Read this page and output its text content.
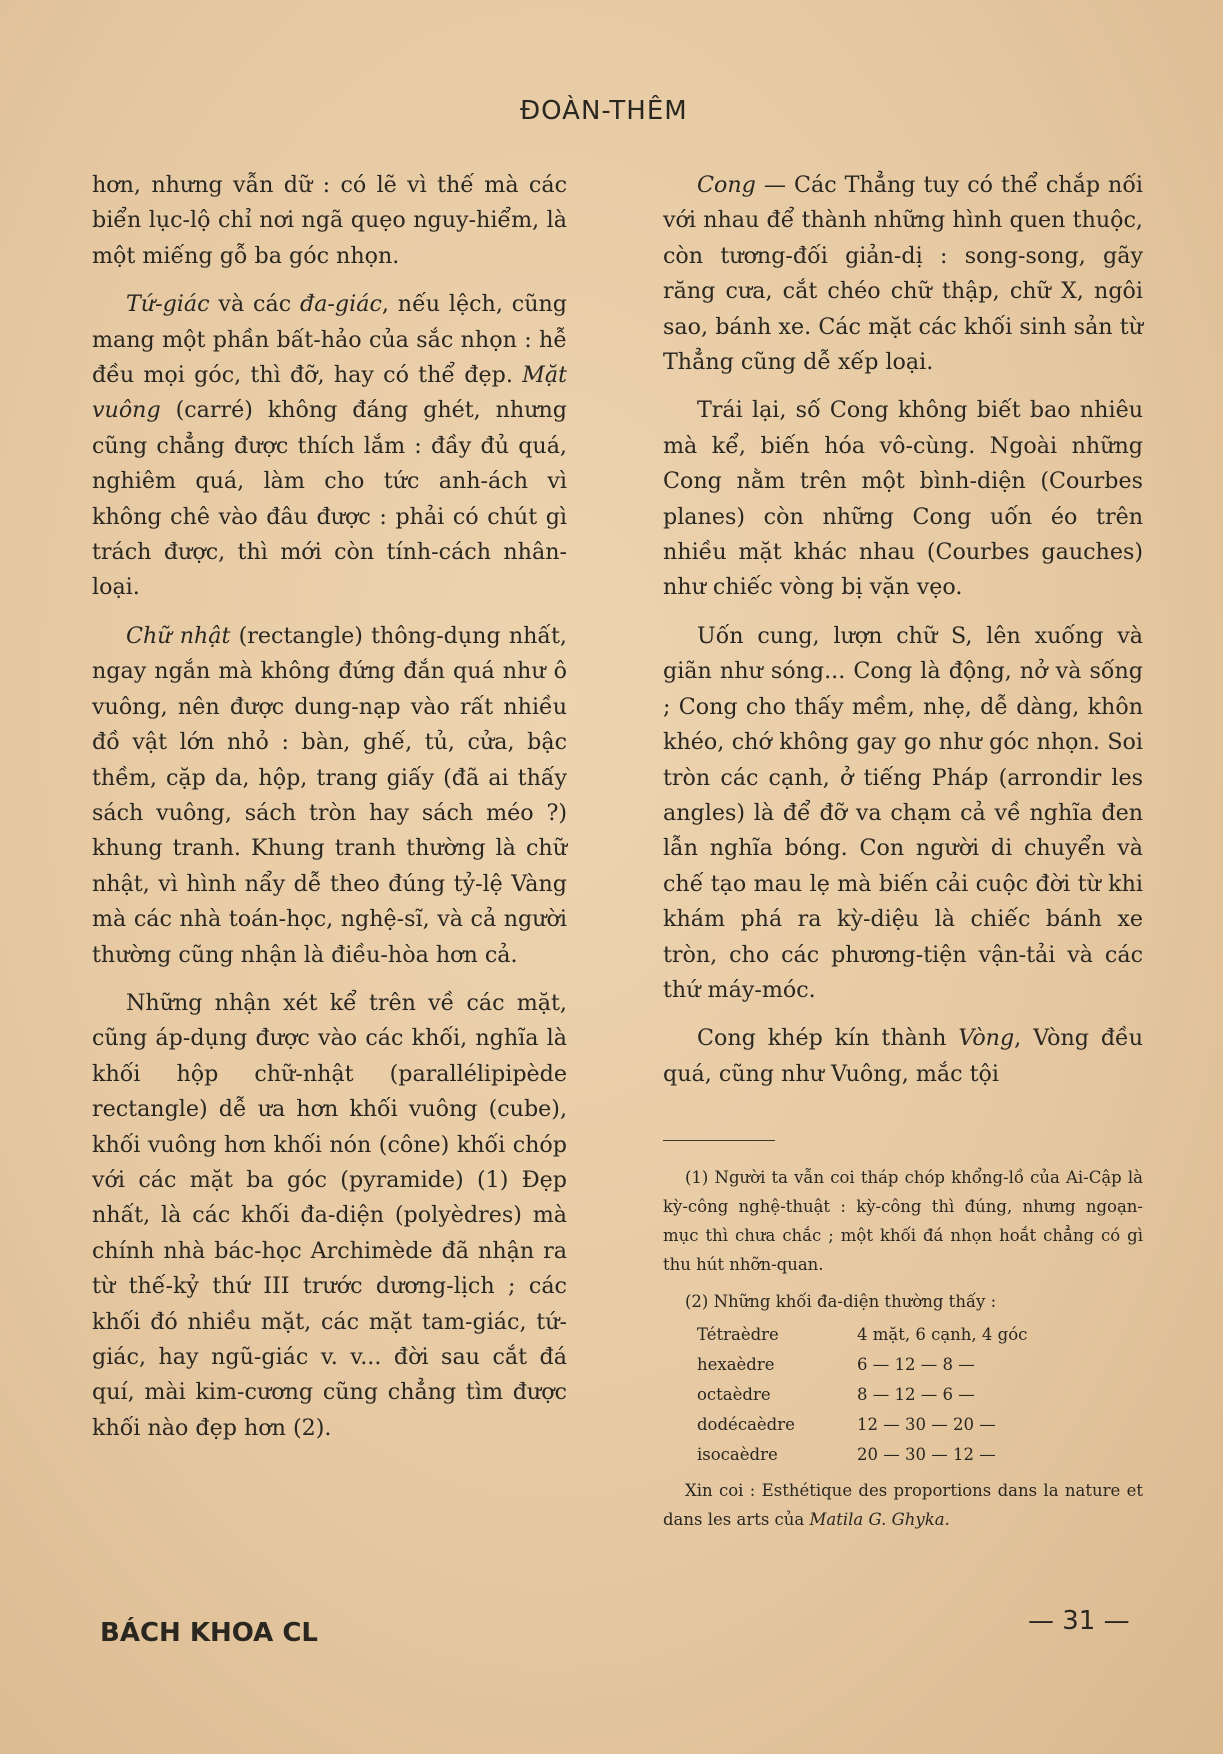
ĐOÀN-THÊM

hơn, nhưng vẫn dữ : có lẽ vì thế mà các biển lục-lộ chỉ nơi ngã quẹo nguy-hiểm, là một miếng gỗ ba góc nhọn.

Tứ-giác và các đa-giác, nếu lệch, cũng mang một phần bất-hảo của sắc nhọn : hễ đều mọi góc, thì đỡ, hay có thể đẹp. Mặt vuông (carré) không đáng ghét, nhưng cũng chẳng được thích lắm : đầy đủ quá, nghiêm quá, làm cho tức anh-ách vì không chê vào đâu được : phải có chút gì trách được, thì mới còn tính-cách nhân-loại.

Chữ nhật (rectangle) thông-dụng nhất, ngay ngắn mà không đứng đắn quá như ô vuông, nên được dung-nạp vào rất nhiều đồ vật lớn nhỏ : bàn, ghế, tủ, cửa, bậc thềm, cặp da, hộp, trang giấy (đã ai thấy sách vuông, sách tròn hay sách méo ?) khung tranh. Khung tranh thường là chữ nhật, vì hình nẩy dễ theo đúng tỷ-lệ Vàng mà các nhà toán-học, nghệ-sĩ, và cả người thường cũng nhận là điều-hòa hơn cả.

Những nhận xét kể trên về các mặt, cũng áp-dụng được vào các khối, nghĩa là khối hộp chữ-nhật (parallélipipède rectangle) dễ ưa hơn khối vuông (cube), khối vuông hơn khối nón (cône) khối chóp với các mặt ba góc (pyramide) (1) Đẹp nhất, là các khối đa-diện (polyèdres) mà chính nhà bác-học Archimède đã nhận ra từ thế-kỷ thứ III trước dương-lịch ; các khối đó nhiều mặt, các mặt tam-giác, tứ-giác, hay ngũ-giác v. v... đời sau cắt đá quí, mài kim-cương cũng chẳng tìm được khối nào đẹp hơn (2).

Cong — Các Thẳng tuy có thể chắp nối với nhau để thành những hình quen thuộc, còn tương-đối giản-dị : song-song, gãy răng cưa, cắt chéo chữ thập, chữ X, ngôi sao, bánh xe. Các mặt các khối sinh sản từ Thẳng cũng dễ xếp loại.

Trái lại, số Cong không biết bao nhiêu mà kể, biến hóa vô-cùng. Ngoài những Cong nằm trên một bình-diện (Courbes planes) còn những Cong uốn éo trên nhiều mặt khác nhau (Courbes gauches) như chiếc vòng bị vặn vẹo.

Uốn cung, lượn chữ S, lên xuống và giãn như sóng... Cong là động, nở và sống ; Cong cho thấy mềm, nhẹ, dễ dàng, khôn khéo, chớ không gay go như góc nhọn. Soi tròn các cạnh, ở tiếng Pháp (arrondir les angles) là để đỡ va chạm cả về nghĩa đen lẫn nghĩa bóng. Con người di chuyển và chế tạo mau lẹ mà biến cải cuộc đời từ khi khám phá ra kỳ-diệu là chiếc bánh xe tròn, cho các phương-tiện vận-tải và các thứ máy-móc.

Cong khép kín thành Vòng, Vòng đều quá, cũng như Vuông, mắc tội

(1) Người ta vẫn coi tháp chóp khổng-lồ của Ai-Cập là kỳ-công nghệ-thuật : kỳ-công thì đúng, nhưng ngoạn-mục thì chưa chắc ; một khối đá nhọn hoắt chẳng có gì thu hút nhỡn-quan.

(2) Những khối đa-diện thường thấy :

Tétraèdre	4 mặt, 6 cạnh, 4 góc
hexaèdre	6 — 12 — 8 —
octaèdre	8 — 12 — 6 —
dodécaèdre	12 — 30 — 20 —
isocaèdre	20 — 30 — 12 —

Xin coi : Esthétique des proportions dans la nature et dans les arts của Matila G. Ghyka.

BÁCH KHOA CL	— 31 —
